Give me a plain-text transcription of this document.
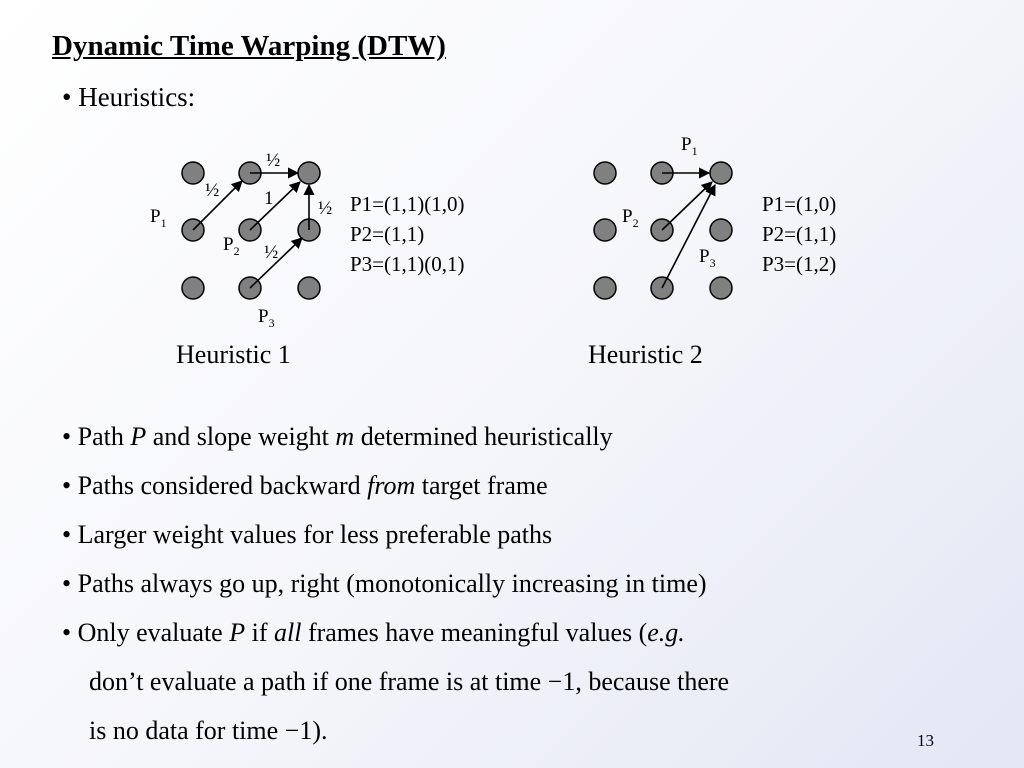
Dynamic Time Warping (DTW)
• Heuristics:
$P_1$
$P_2$
$P_3$
½
½ 1 ½
½
P1=(1,1)(1,0)
P2=(1,1)
P3=(1,1)(0,1)
Heuristic 1
$P_1$
$P_2$
$P_3$
P1=(1,0)
P2=(1,1)
P3=(1,2)
Heuristic 2
• Path P and slope weight m determined heuristically
• Paths considered backward from target frame
• Larger weight values for less preferable paths
• Paths always go up, right (monotonically increasing in time)
• Only evaluate P if all frames have meaningful values (e.g.
don’t evaluate a path if one frame is at time −1, because there
is no data for time −1).	13
